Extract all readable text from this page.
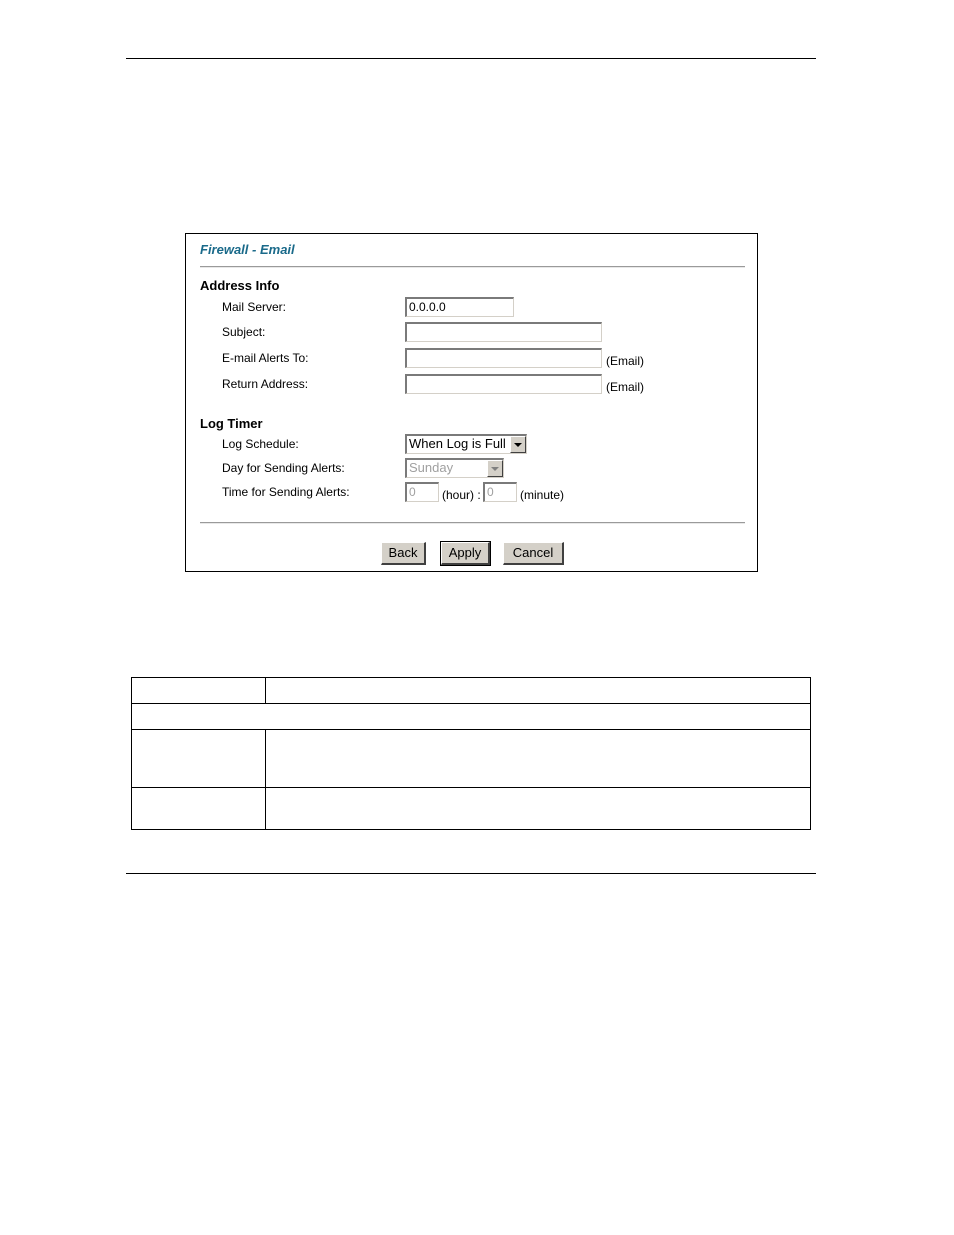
Firewall - Email
Address Info
Mail Server:	0.0.0.0
Subject:
E-mail Alerts To:	(Email)
Return Address:	(Email)
Log Timer
Log Schedule:	When Log is Full
Day for Sending Alerts:	Sunday
Time for Sending Alerts:	0	(hour) : 0	(minute)
Back	Apply	Cancel
